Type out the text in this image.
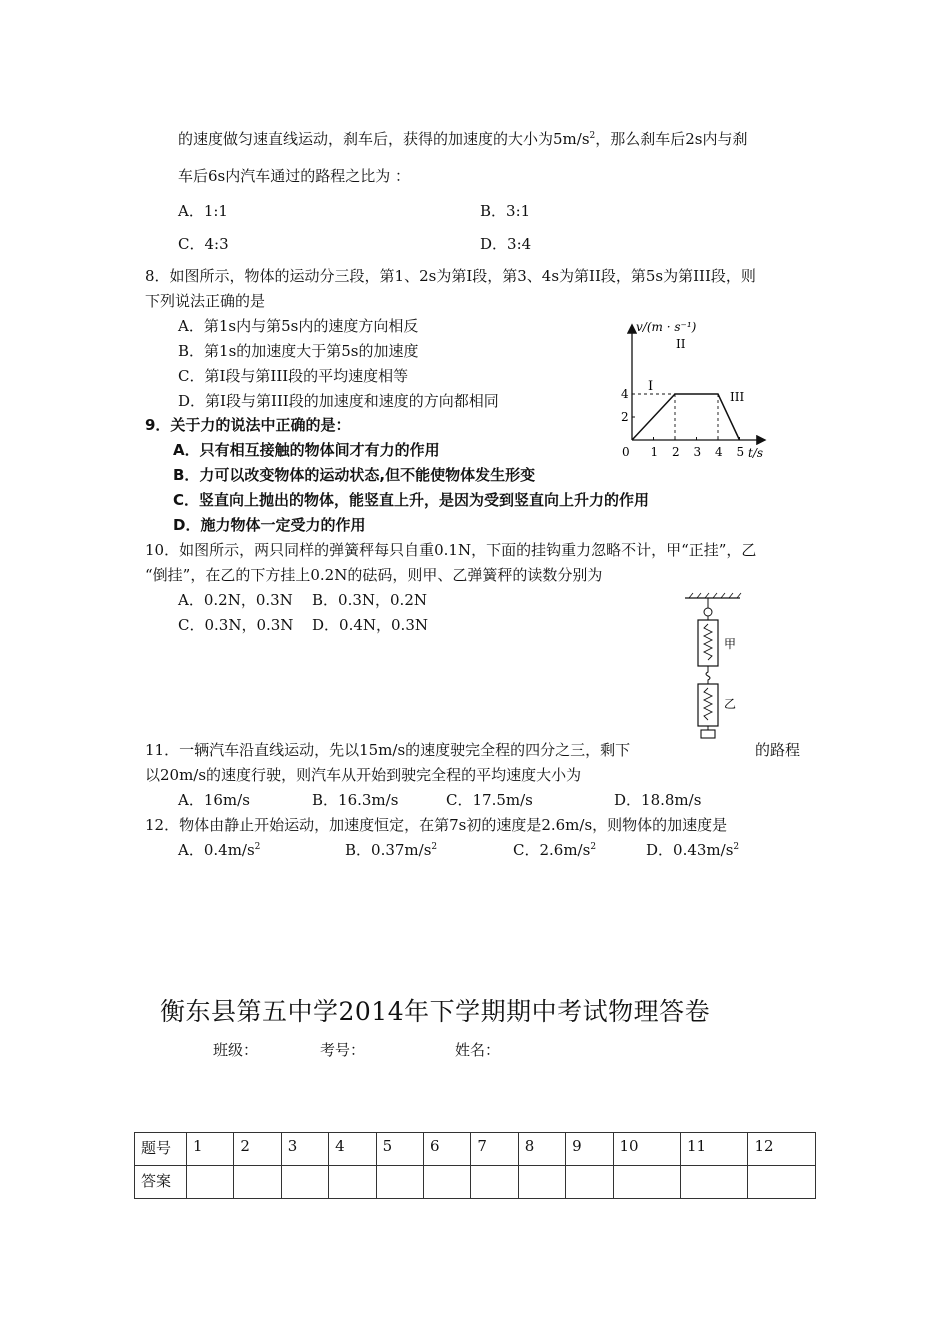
的速度做匀速直线运动，刹车后，获得的加速度的大小为$5m/s^2$，那么刹车后2s内与刹
车后6s内汽车通过的路程之比为 ：
A．1:1	B．3:1
C．4:3	D．3:4
8．如图所示，物体的运动分三段，第1、2s为第I段，第3、4s为第II段，第5s为第III段，则
下列说法正确的是
A．第1s内与第5s内的速度方向相反
B．第1s的加速度大于第5s的加速度
C．第I段与第III段的平均速度相等
D．第I段与第III段的加速度和速度的方向都相同
v/(m · s⁻¹)
t/s
4
2
0 1 2 3 4 5
I
II
III
9．关于力的说法中正确的是：
A．只有相互接触的物体间才有力的作用
B．力可以改变物体的运动状态,但不能使物体发生形变
C．竖直向上抛出的物体，能竖直上升，是因为受到竖直向上升力的作用
D．施力物体一定受力的作用
10．如图所示，两只同样的弹簧秤每只自重0.1N，下面的挂钩重力忽略不计，甲“正挂”，乙
“倒挂”，在乙的下方挂上0.2N的砝码，则甲、乙弹簧秤的读数分别为
A．0.2N，0.3N B．0.3N，0.2N
C．0.3N，0.3N D．0.4N，0.3N
甲
乙
11．一辆汽车沿直线运动，先以15m/s的速度驶完全程的四分之三，剩下	的路程
以20m/s的速度行驶，则汽车从开始到驶完全程的平均速度大小为
A．16m/s	B．16.3m/s	C．17.5m/s	D．18.8m/s
12．物体由静止开始运动，加速度恒定，在第7s初的速度是2.6m/s，则物体的加速度是
A．$0.4m/s^2$	B．$0.37m/s^2$	C．$2.6m/s^2$	D．$0.43m/s^2$
衡东县第五中学2014年下学期期中考试物理答卷
班级：	考号：	姓名：
题号	1	2	3	4	5	6	7	8	9	10	11	12
答案												
